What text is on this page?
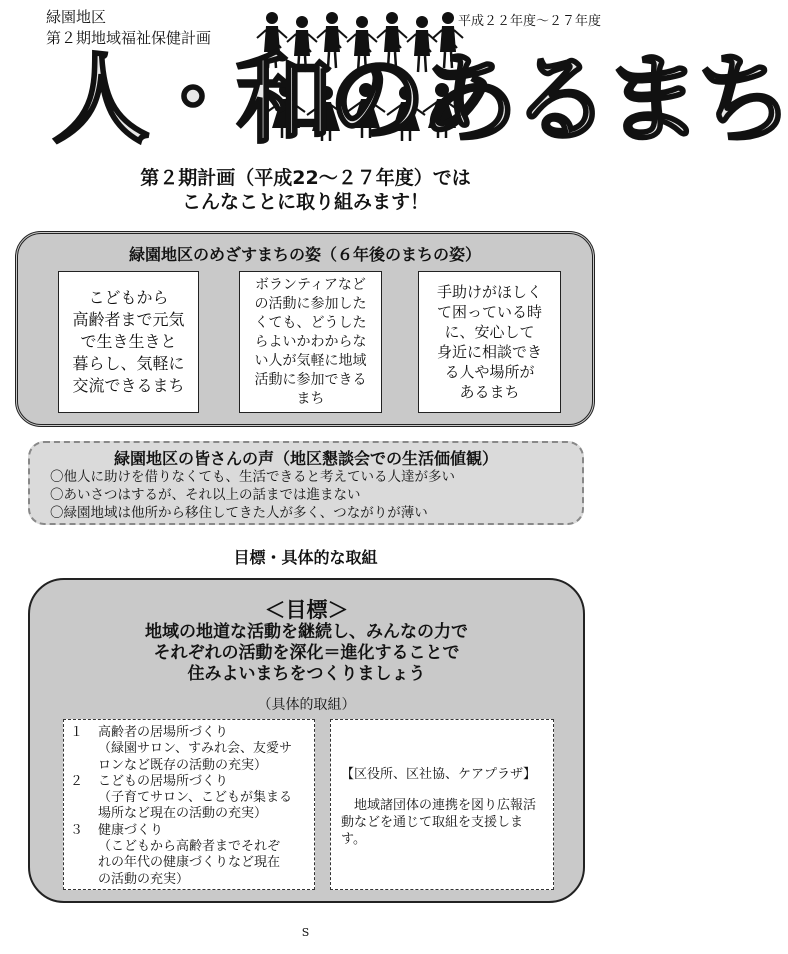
平成２２年度～２７年度
緑園地区
第２期地域福祉保健計画
人・和のあるまち
第２期計画（平成22～２７年度）では
こんなことに取り組みます！
緑園地区のめざすまちの姿（６年後のまちの姿）
こどもから
高齢者まで元気
で生き生きと
暮らし、気軽に
交流できるまち
ボランティアなど
の活動に参加した
くても、どうした
らよいかわからな
い人が気軽に地域
活動に参加できる
まち
手助けがほしく
て困っている時
に、安心して
身近に相談でき
る人や場所が
あるまち
緑園地区の皆さんの声（地区懇談会での生活価値観）
〇他人に助けを借りなくても、生活できると考えている人達が多い
〇あいさつはするが、それ以上の話までは進まない
〇緑園地域は他所から移住してきた人が多く、つながりが薄い
目標・具体的な取組
＜目標＞
地域の地道な活動を継続し、みんなの力で
それぞれの活動を深化＝進化することで
住みよいまちをつくりましょう
（具体的取組）
１	高齢者の居場所づくり
（緑園サロン、すみれ会、友愛サ
ロンなど既存の活動の充実）
２	こどもの居場所づくり
（子育てサロン、こどもが集まる
場所など現在の活動の充実）
３	健康づくり
（こどもから高齢者までそれぞ
れの年代の健康づくりなど現在
の活動の充実）
【区役所、区社協、ケアプラザ】
地域諸団体の連携を図り広報活動などを通じて取組を支援します。
S
